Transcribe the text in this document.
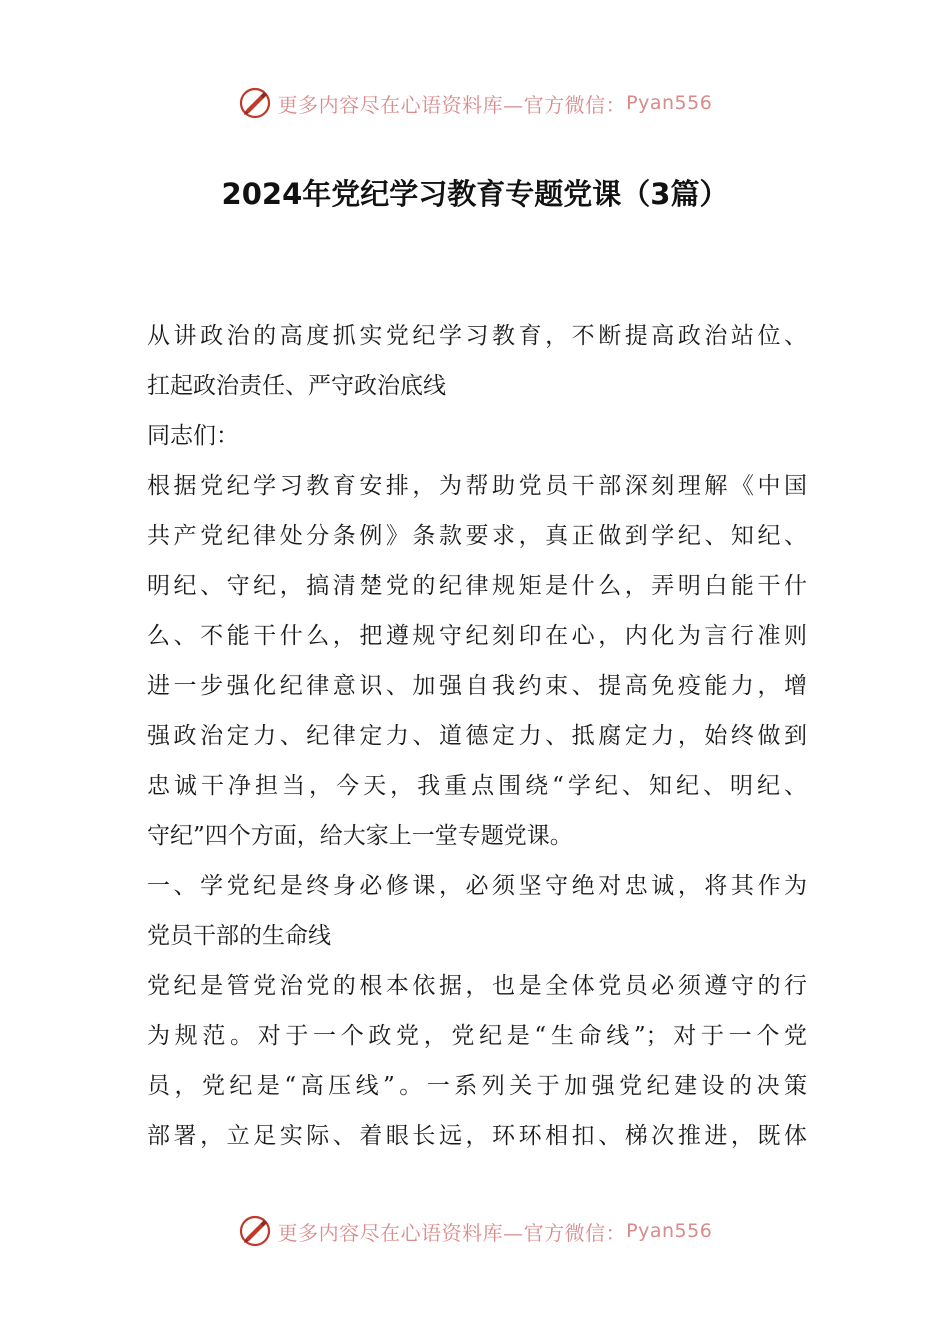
更多内容尽在心语资料库—官方微信： Pyan556
2024年党纪学习教育专题党课（3篇）
从讲政治的高度抓实党纪学习教育，不断提高政治站位、
扛起政治责任、严守政治底线
同志们：
根据党纪学习教育安排，为帮助党员干部深刻理解《中国
共产党纪律处分条例》条款要求，真正做到学纪、知纪、
明纪、守纪，搞清楚党的纪律规矩是什么，弄明白能干什
么、不能干什么，把遵规守纪刻印在心，内化为言行准则
进一步强化纪律意识、加强自我约束、提高免疫能力，增
强政治定力、纪律定力、道德定力、抵腐定力，始终做到
忠诚干净担当，今天，我重点围绕“学纪、知纪、明纪、
守纪”四个方面，给大家上一堂专题党课。
一、学党纪是终身必修课，必须坚守绝对忠诚，将其作为
党员干部的生命线
党纪是管党治党的根本依据，也是全体党员必须遵守的行
为规范。对于一个政党，党纪是“生命线”；对于一个党
员，党纪是“高压线”。一系列关于加强党纪建设的决策
部署，立足实际、着眼长远，环环相扣、梯次推进，既体
更多内容尽在心语资料库—官方微信： Pyan556
